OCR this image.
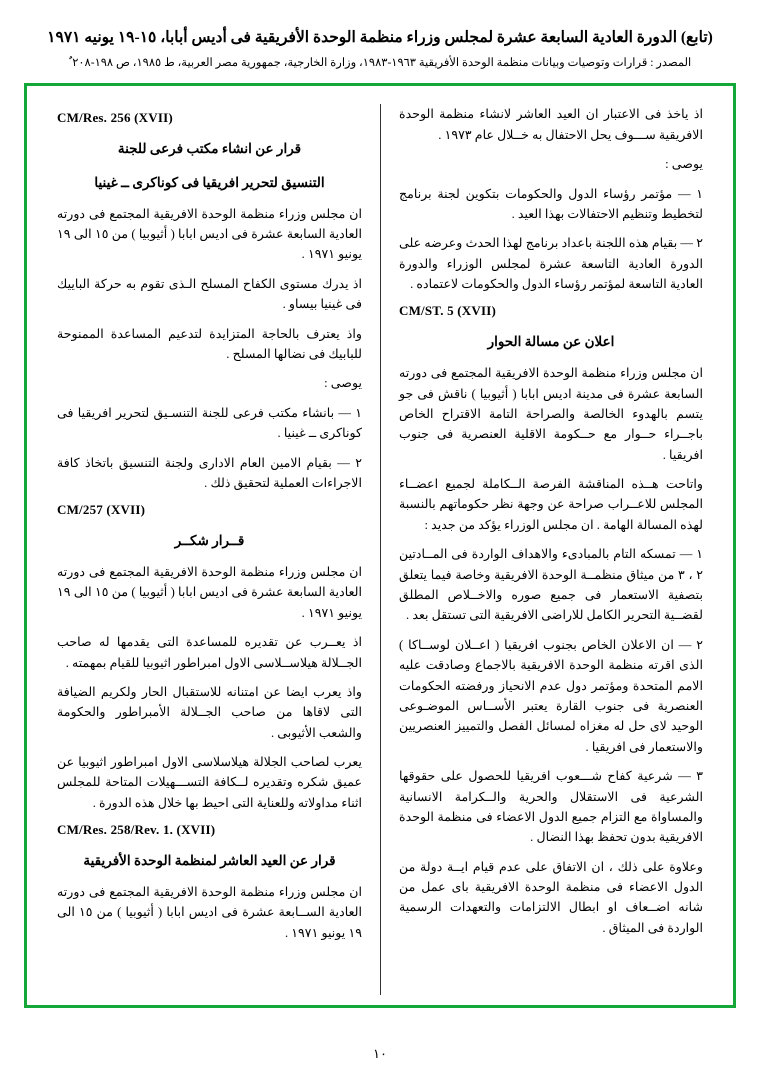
(تابع) الدورة العادية السابعة عشرة لمجلس وزراء منظمة الوحدة الأفريقية فى أديس أبابا، ١٥-١٩ يونيه ١٩٧١
المصدر : ‏قرارات وتوصيات وبيانات منظمة الوحدة الأفريقية ١٩٦٣-١٩٨٣‏، وزارة الخارجية، جمهورية مصر العربية، ط ١٩٨٥، ص ١٩٨-٢٠٨ ٌ

اذ ياخذ فى الاعتبار ان العيد العاشر لانشاء منظمة الوحدة الافريقية ســـوف يحل الاحتفال به خــلال عام ١٩٧٣ .

يوصى :

١ — مؤتمر رؤساء الدول والحكومات بتكوين لجنة برنامج لتخطيط وتنظيم الاحتفالات بهذا العيد .

٢ — بقيام هذه اللجنة باعداد برنامج لهذا الحدث وعرضه على الدورة العادية التاسعة عشرة لمجلس الوزراء والدورة العادية التاسعة لمؤتمر رؤساء الدول والحكومات لاعتماده .

CM/ST. 5 (XVII)
اعلان عن مسالة الحوار

ان مجلس وزراء منظمة الوحدة الافريقية المجتمع فى دورته السابعة عشرة فى مدينة اديس ابابا ( أثيوبيا ) ناقش فى جو يتسم بالهدوء الخالصة والصراحة التامة الاقتراح الخاص باجــراء حــوار مع حــكومة الاقلية العنصرية فى جنوب افريقيا .

واتاحت هــذه المناقشة الفرصة الــكاملة لجميع اعضــاء المجلس للاعــراب صراحة عن وجهة نظر حكوماتهم بالنسبة لهذه المسالة الهامة . ان مجلس الوزراء يؤكد من جديد :

١ — تمسكه التام بالمبادىء والاهداف الواردة فى المــادتين ٢ ، ٣ من ميثاق منظمــة الوحدة الافريقية وخاصة فيما يتعلق بتصفية الاستعمار فى جميع صوره والاخــلاص المطلق لقضــية التحرير الكامل للاراضى الافريقية التى تستقل بعد .

٢ — ان الاعلان الخاص بجنوب افريقيا ( اعــلان لوســاكا ) الذى اقرته منظمة الوحدة الافريقية بالاجماع وصادقت عليه الامم المتحدة ومؤتمر دول عدم الانحياز ورفضته الحكومات العنصرية فى جنوب القارة يعتبر الأســاس الموضـوعى الوحيد لاى حل له مغزاه لمسائل الفصل والتمييز العنصريين والاستعمار فى افريقيا .

٣ — شرعية كفاح شـــعوب افريقيا للحصول على حقوقها الشرعية فى الاستقلال والحرية والــكرامة الانسانية والمساواة مع التزام جميع الدول الاعضاء فى منظمة الوحدة الافريقية بدون تحفظ بهذا النضال .

وعلاوة على ذلك ، ان الاتفاق على عدم قيام ايــة دولة من الدول الاعضاء فى منظمة الوحدة الافريقية باى عمل من شانه اضــعاف او ابطال الالتزامات والتعهدات الرسمية الواردة فى الميثاق .

CM/Res. 256 (XVII)
قرار عن انشاء مكتب فرعى للجنة
التنسيق لتحرير افريقيا فى كوناكرى ــ غينيا

ان مجلس وزراء منظمة الوحدة الافريقية المجتمع فى دورته العادية السابعة عشرة فى اديس ابابا ( أثيوبيا ) من ١٥ الى ١٩ يونيو ١٩٧١ .

اذ يدرك مستوى الكفاح المسلح الـذى تقوم به حركة الباييك فى غينيا بيساو .

واذ يعترف بالحاجة المتزايدة لتدعيم المساعدة الممنوحة للبابيك فى نضالها المسلح .

يوصى :

١ — بانشاء مكتب فرعى للجنة التنسـيق لتحرير افريقيا فى كوناكرى ــ غينيا .

٢ — بقيام الامين العام الادارى ولجنة التنسيق باتخاذ كافة الاجراءات العملية لتحقيق ذلك .

CM/257 (XVII)
قــرار شكــر

ان مجلس وزراء منظمة الوحدة الافريقية المجتمع فى دورته العادية السابعة عشرة فى اديس ابابا ( أثيوبيا ) من ١٥ الى ١٩ يونيو ١٩٧١ .

اذ يعــرب عن تقديره للمساعدة التى يقدمها له صاحب الجــلالة هيلاســلاسى الاول امبراطور اثيوبيا للقيام بمهمته .

واذ يعرب ايضا عن امتنانه للاستقبال الحار ولكريم الضيافة التى لاقاها من صاحب الجــلالة الأمبراطور والحكومة والشعب الأثيوبى .

يعرب لصاحب الجلالة هيلاسلاسى الاول امبراطور اثيوبيا عن عميق شكره وتقديره لــكافة التســـهيلات المتاحة للمجلس اثناء مداولاته وللعناية التى احيط بها خلال هذه الدورة .

CM/Res. 258/Rev. 1. (XVII)
قرار عن العيد العاشر لمنظمة الوحدة الأفريقية

ان مجلس وزراء منظمة الوحدة الافريقية المجتمع فى دورته العادية الســابعة عشرة فى اديس ابابا ( أثيوبيا ) من ١٥ الى ١٩ يونيو ١٩٧١ .

١٠
